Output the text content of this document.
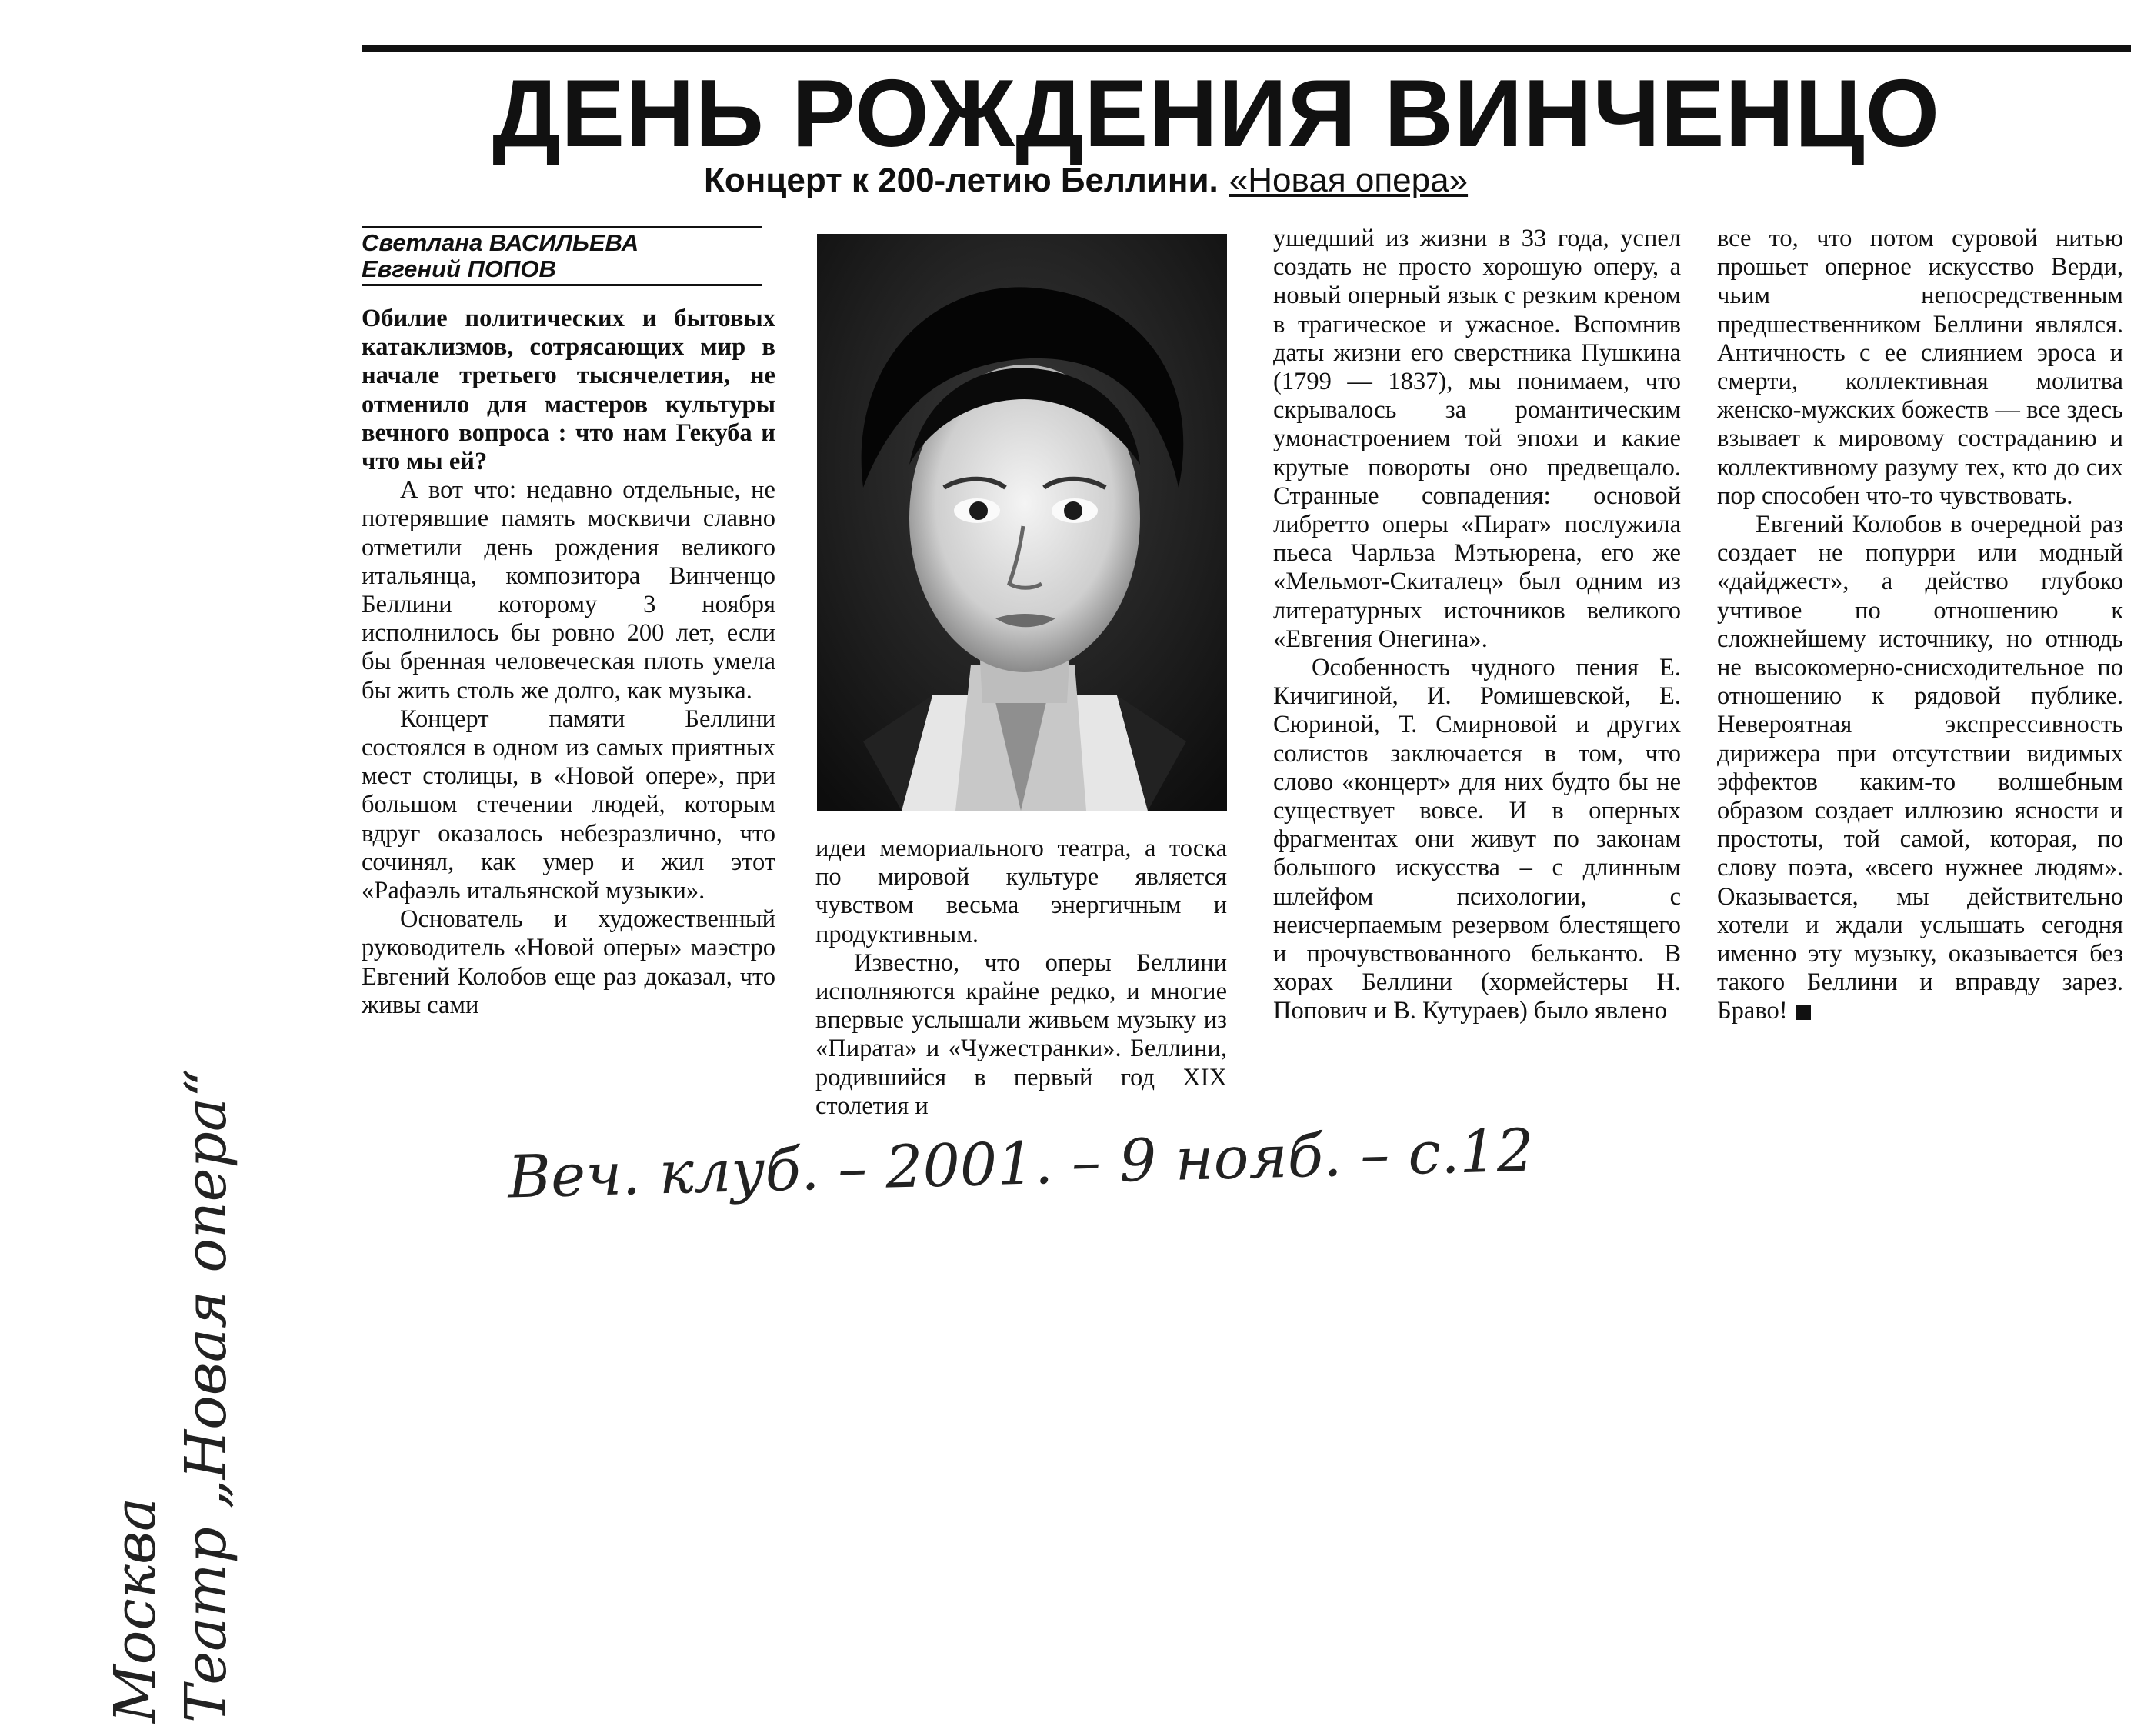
ДЕНЬ РОЖДЕНИЯ ВИНЧЕНЦО
Концерт к 200-летию Беллини. «Новая опера»
Светлана ВАСИЛЬЕВА
Евгений ПОПОВ

Обилие политических и бытовых катаклизмов, сотрясающих мир в начале третьего тысячелетия, не отменило для мастеров культуры вечного вопроса : что нам Гекуба и что мы ей?

А вот что: недавно отдельные, не потерявшие память москвичи славно отметили день рождения великого итальянца, композитора Винченцо Беллини которому 3 ноября исполнилось бы ровно 200 лет, если бы бренная человеческая плоть умела бы жить столь же долго, как музыка.

Концерт памяти Беллини состоялся в одном из самых приятных мест столицы, в «Новой опере», при большом стечении людей, которым вдруг оказалось небезразлично, что сочинял, как умер и жил этот «Рафаэль итальянской музыки».

Основатель и художественный руководитель «Новой оперы» маэстро Евгений Колобов еще раз доказал, что живы сами

идеи мемориального театра, а тоска по мировой культуре является чувством весьма энергичным и продуктивным.

Известно, что оперы Беллини исполняются крайне редко, и многие впервые услышали живьем музыку из «Пирата» и «Чужестранки». Беллини, родившийся в первый год XIX столетия и

ушедший из жизни в 33 года, успел создать не просто хорошую оперу, а новый оперный язык с резким креном в трагическое и ужасное. Вспомнив даты жизни его сверстника Пушкина (1799 — 1837), мы понимаем, что скрывалось за романтическим умонастроением той эпохи и какие крутые повороты оно предвещало. Странные совпадения: основой либретто оперы «Пират» послужила пьеса Чарльза Мэтьюрена, его же «Мельмот-Скиталец» был одним из литературных источников великого «Евгения Онегина».

Особенность чудного пения Е. Кичигиной, И. Ромишевской, Е. Сюриной, Т. Смирновой и других солистов заключается в том, что слово «концерт» для них будто бы не существует вовсе. И в оперных фрагментах они живут по законам большого искусства – с длинным шлейфом психологии, с неисчерпаемым резервом блестящего и прочувствованного бельканто. В хорах Беллини (хормейстеры Н. Попович и В. Кутураев) было явлено

все то, что потом суровой нитью прошьет оперное искусство Верди, чьим непосредственным предшественником Беллини являлся. Античность с ее слиянием эроса и смерти, коллективная молитва женско-мужских божеств — все здесь взывает к мировому состраданию и коллективному разуму тех, кто до сих пор способен что-то чувствовать.

Евгений Колобов в очередной раз создает не попурри или модный «дайджест», а действо глубоко учтивое по отношению к сложнейшему источнику, но отнюдь не высокомерно-снисходительное по отношению к рядовой публике. Невероятная экспрессивность дирижера при отсутствии видимых эффектов каким-то волшебным образом создает иллюзию ясности и простоты, той самой, которая, по слову поэта, «всего нужнее людям». Оказывается, мы действительно хотели и ждали услышать сегодня именно эту музыку, оказывается без такого Беллини и вправду зарез. Браво!

Веч. клуб. – 2001. – 9 нояб. – с.12
Москва Театр „Новая опера“
